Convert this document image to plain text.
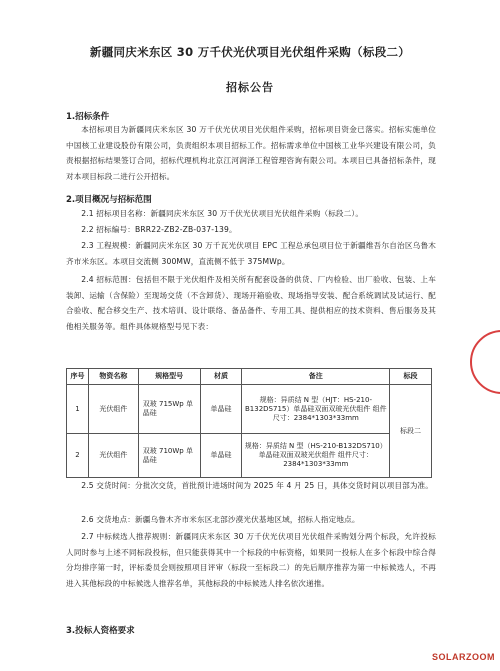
新疆同庆米东区 30 万千伏光伏项目光伏组件采购（标段二）
招标公告
1.招标条件
本招标项目为新疆同庆米东区 30 万千伏光伏项目光伏组件采购，招标项目资金已落实。招标实施单位中国核工业建设股份有限公司，负责组织本项目招标工作。招标需求单位中国核工业华兴建设有限公司，负责根据招标结果签订合同，招标代理机构北京江河润泽工程管理咨询有限公司。本项目已具备招标条件，现对本项目标段二进行公开招标。
2.项目概况与招标范围
2.1 招标项目名称：新疆同庆米东区 30 万千伏光伏项目光伏组件采购（标段二）。
2.2 招标编号：BRR22-ZB2-ZB-037-139。
2.3 工程规模：新疆同庆米东区 30 万千瓦光伏项目 EPC 工程总承包项目位于新疆维吾尔自治区乌鲁木齐市米东区。本项目交流侧 300MW，直流侧不低于 375MWp。
2.4 招标范围：包括但不限于光伏组件及相关所有配套设备的供货、厂内检验、出厂验收、包装、上车装卸、运输（含保险）至现场交货（不含卸货）、现场开箱验收、现场指导安装、配合系统调试及试运行、配合验收、配合移交生产、技术培训、设计联络、备品备件、专用工具、提供相应的技术资料、售后服务及其他相关服务等。组件具体规格型号见下表：
序号	物资名称	规格型号	材质	备注	标段
1	光伏组件	双玻 715Wp 单晶硅	单晶硅	规格：异质结 N 型（HJT：HS-210-B132DS715）单晶硅双面双玻光伏组件 组件尺寸：2384*1303*33mm	标段二
2	光伏组件	双玻 710Wp 单晶硅	单晶硅	规格：异质结 N 型（HS-210-B132DS710）单晶硅双面双玻光伏组件 组件尺寸：2384*1303*33mm	
2.5 交货时间：分批次交货，首批预计进场时间为 2025 年 4 月 25 日，具体交货时间以项目部为准。
2.6 交货地点：新疆乌鲁木齐市米东区北部沙漠光伏基地区域，招标人指定地点。
2.7 中标候选人推荐规则：新疆同庆米东区 30 万千伏光伏项目光伏组件采购划分两个标段，允许投标人同时参与上述不同标段投标，但只能获得其中一个标段的中标资格，如果同一投标人在多个标段中综合得分均排序第一时，评标委员会则按照项目评审（标段一至标段二）的先后顺序推荐为第一中标候选人，不再进入其他标段的中标候选人推荐名单，其他标段的中标候选人排名依次递推。
3.投标人资格要求
SOLARZOOM
